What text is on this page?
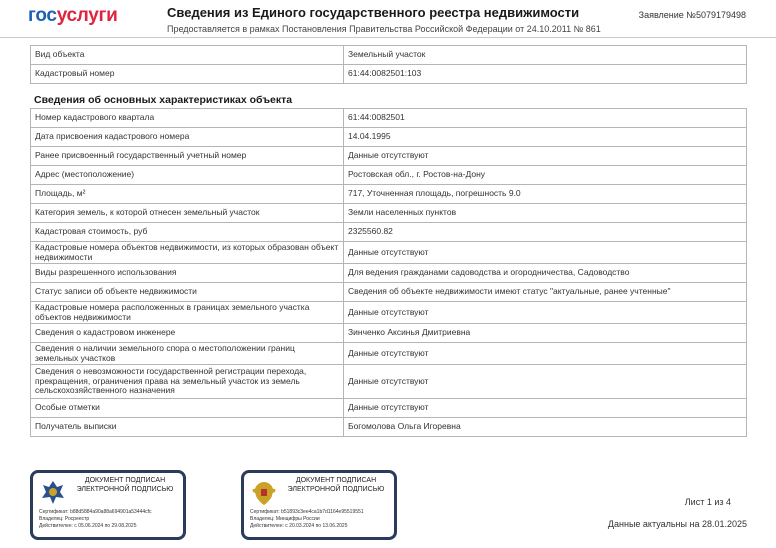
госуслуги	Сведения из Единого государственного реестра недвижимости
Предоставляется в рамках Постановления Правительства Российской Федерации от 24.10.2011 № 861
Заявление №5079179498
Вид объекта	Земельный участок
Кадастровый номер	61:44:0082501:103
Сведения об основных характеристиках объекта
Номер кадастрового квартала	61:44:0082501
Дата присвоения кадастрового номера	14.04.1995
Ранее присвоенный государственный учетный номер	Данные отсутствуют
Адрес (местоположение)	Ростовская обл., г. Ростов-на-Дону
Площадь, м²	717, Уточненная площадь, погрешность 9.0
Категория земель, к которой отнесен земельный участок	Земли населенных пунктов
Кадастровая стоимость, руб	2325560.82
Кадастровые номера объектов недвижимости, из которых образован объект недвижимости	Данные отсутствуют
Виды разрешенного использования	Для ведения гражданами садоводства и огородничества, Садоводство
Статус записи об объекте недвижимости	Сведения об объекте недвижимости имеют статус "актуальные, ранее учтенные"
Кадастровые номера расположенных в границах земельного участка объектов недвижимости	Данные отсутствуют
Сведения о кадастровом инженере	Зинченко Аксинья Дмитриевна
Сведения о наличии земельного спора о местоположении границ земельных участков	Данные отсутствуют
Сведения о невозможности государственной регистрации перехода, прекращения, ограничения права на земельный участок из земель сельскохозяйственного назначения	Данные отсутствуют
Особые отметки	Данные отсутствуют
Получатель выписки	Богомолова Ольга Игоревна
ДОКУМЕНТ ПОДПИСАН ЭЛЕКТРОННОЙ ПОДПИСЬЮ
Сертификат: b88d5884a90a88a694901a53444cfc
Владелец: Росреестр
Действителен: с 05.06.2024 по 29.08.2025
ДОКУМЕНТ ПОДПИСАН ЭЛЕКТРОННОЙ ПОДПИСЬЮ
Сертификат: b51893c3ee4ca1b7d1164e95519551
Владелец: Минцифры России
Действителен: с 20.03.2024 по 13.06.2025
Лист 1 из 4
Данные актуальны на 28.01.2025
